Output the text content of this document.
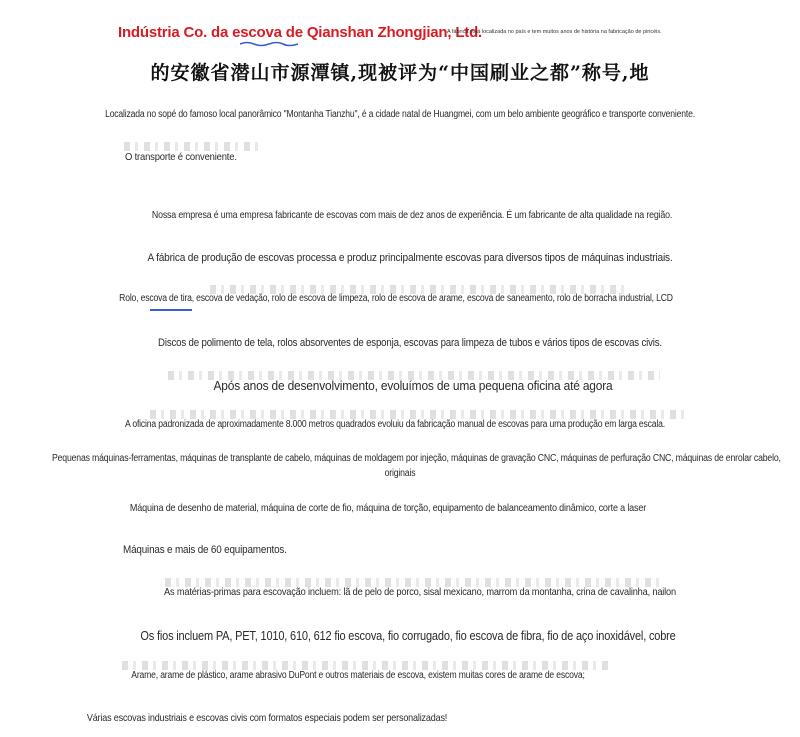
Indústria Co. da escova de Qianshan Zhongjian, Ltd.
A fábrica está localizada no país e tem muitos anos de história na fabricação de pincéis.
的安徽省潜山市源潭镇,现被评为“中国刷业之都”称号,地
Localizada no sopé do famoso local panorâmico "Montanha Tianzhu", é a cidade natal de Huangmei, com um belo ambiente geográfico e transporte conveniente.
O transporte é conveniente.
Nossa empresa é uma empresa fabricante de escovas com mais de dez anos de experiência. É um fabricante de alta qualidade na região.
A fábrica de produção de escovas processa e produz principalmente escovas para diversos tipos de máquinas industriais.
Rolo, escova de tira, escova de vedação, rolo de escova de limpeza, rolo de escova de arame, escova de saneamento, rolo de borracha industrial, LCD
Discos de polimento de tela, rolos absorventes de esponja, escovas para limpeza de tubos e vários tipos de escovas civis.
Após anos de desenvolvimento, evoluímos de uma pequena oficina até agora
A oficina padronizada de aproximadamente 8.000 metros quadrados evoluiu da fabricação manual de escovas para uma produção em larga escala.
Pequenas máquinas-ferramentas, máquinas de transplante de cabelo, máquinas de moldagem por injeção, máquinas de gravação CNC, máquinas de perfuração CNC, máquinas de enrolar cabelo,
originais
Máquina de desenho de material, máquina de corte de fio, máquina de torção, equipamento de balanceamento dinâmico, corte a laser
Máquinas e mais de 60 equipamentos.
As matérias-primas para escovação incluem: lã de pelo de porco, sisal mexicano, marrom da montanha, crina de cavalinha, nailon
Os fios incluem PA, PET, 1010, 610, 612 fio escova, fio corrugado, fio escova de fibra, fio de aço inoxidável, cobre
Arame, arame de plástico, arame abrasivo DuPont e outros materiais de escova, existem muitas cores de arame de escova;
Várias escovas industriais e escovas civis com formatos especiais podem ser personalizadas!
